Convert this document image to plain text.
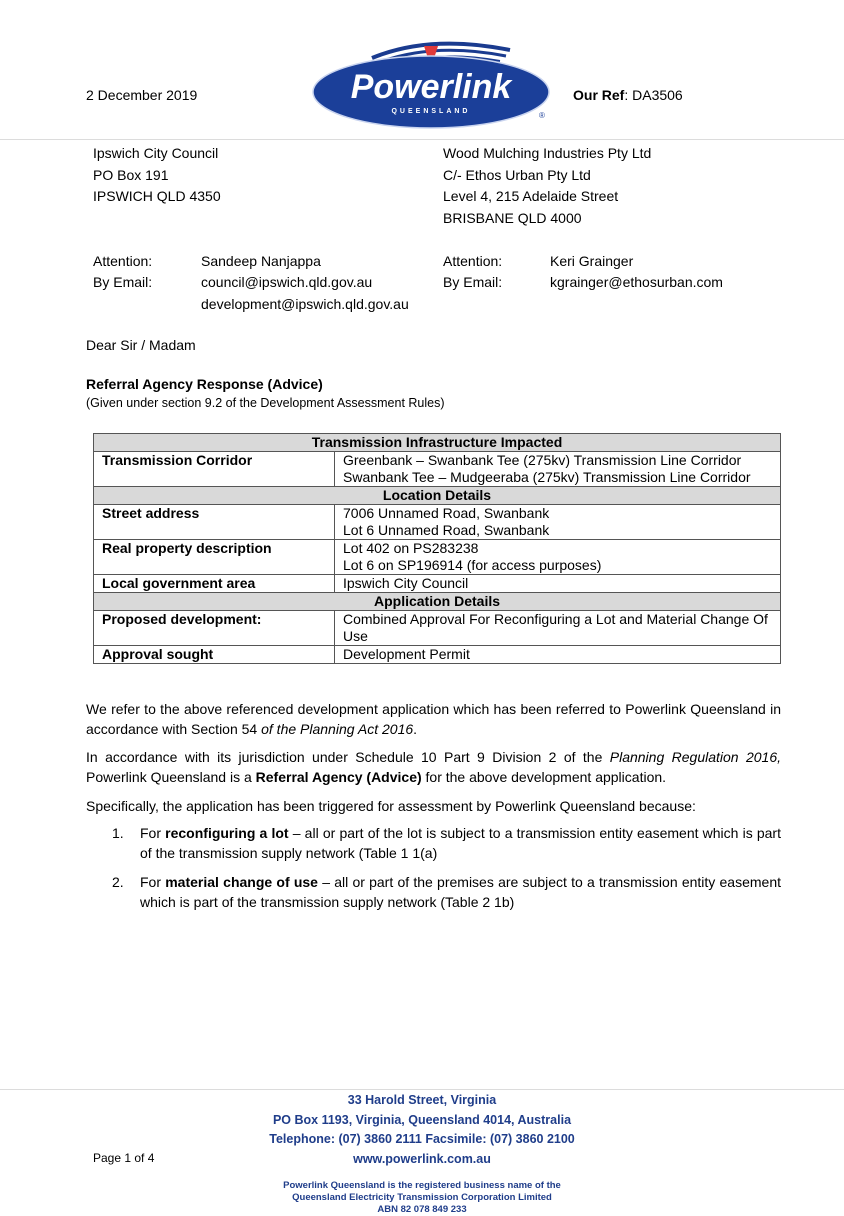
2 December 2019	Powerlink
QUEENSLAND	®
Our Ref: DA3506
Ipswich City Council
PO Box 191
IPSWICH QLD 4350
Wood Mulching Industries Pty Ltd
C/- Ethos Urban Pty Ltd
Level 4, 215 Adelaide Street
BRISBANE QLD 4000
Attention:	Sandeep Nanjappa
By Email:	council@ipswich.qld.gov.au
development@ipswich.qld.gov.au
Attention:	Keri Grainger
By Email:	kgrainger@ethosurban.com
Dear Sir / Madam
Referral Agency Response (Advice)
(Given under section 9.2 of the Development Assessment Rules)
Transmission Infrastructure Impacted	
Transmission Corridor	Greenbank – Swanbank Tee (275kv) Transmission Line Corridor
Swanbank Tee – Mudgeeraba (275kv) Transmission Line Corridor

Location Details	
Street address	7006 Unnamed Road, Swanbank
Lot 6 Unnamed Road, Swanbank

Real property description	Lot 402 on PS283238
Lot 6 on SP196914 (for access purposes)

Local government area	Ipswich City Council
Application Details	
Proposed development:	Combined Approval For Reconfiguring a Lot and Material Change Of Use
Approval sought	Development Permit
We refer to the above referenced development application which has been referred to Powerlink Queensland in accordance with Section 54 of the Planning Act 2016.
In accordance with its jurisdiction under Schedule 10 Part 9 Division 2 of the Planning Regulation 2016, Powerlink Queensland is a Referral Agency (Advice) for the above development application.
Specifically, the application has been triggered for assessment by Powerlink Queensland because:
1. For reconfiguring a lot – all or part of the lot is subject to a transmission entity easement which is part of the transmission supply network (Table 1 1(a)
2. For material change of use – all or part of the premises are subject to a transmission entity easement which is part of the transmission supply network (Table 2 1b)
33 Harold Street, Virginia
PO Box 1193, Virginia, Queensland 4014, Australia
Telephone: (07) 3860 2111 Facsimile: (07) 3860 2100
www.powerlink.com.au
Page 1 of 4
Powerlink Queensland is the registered business name of the
Queensland Electricity Transmission Corporation Limited
ABN 82 078 849 233
